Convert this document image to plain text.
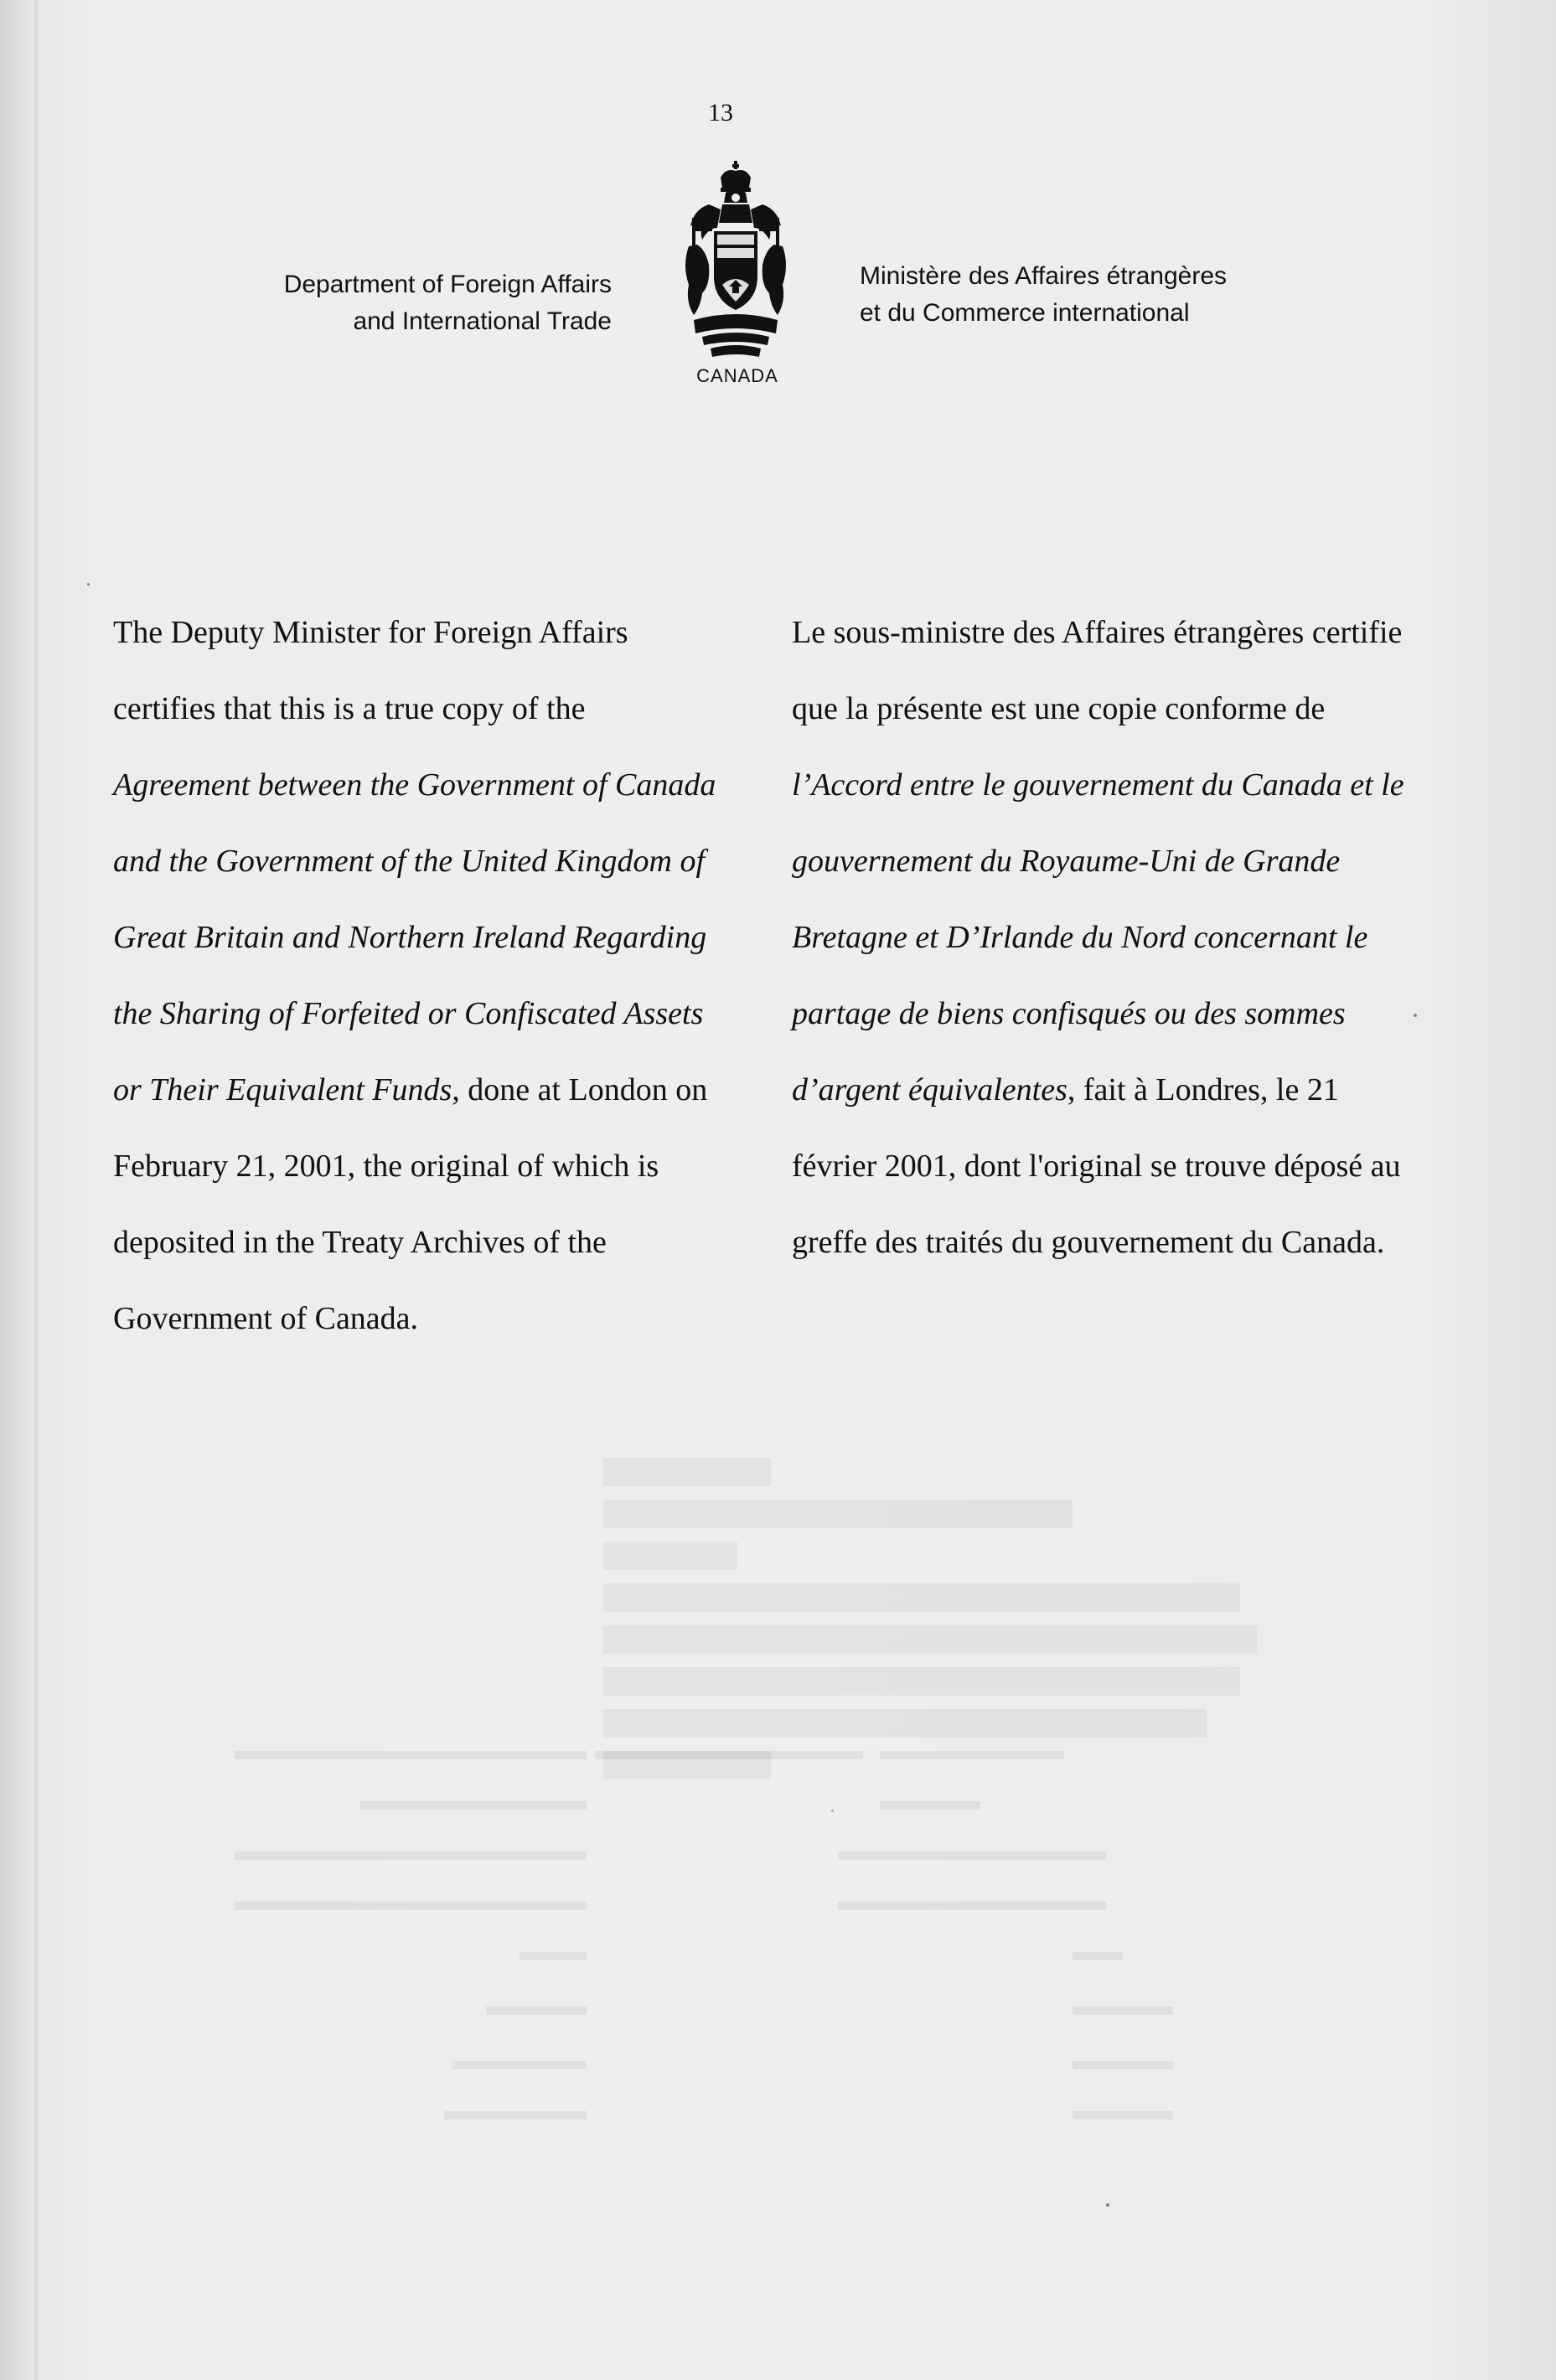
13
Department of Foreign Affairs
and International Trade
CANADA
Ministère des Affaires étrangères
et du Commerce international

The Deputy Minister for Foreign Affairs certifies that this is a true copy of the Agreement between the Government of Canada and the Government of the United Kingdom of Great Britain and Northern Ireland Regarding the Sharing of Forfeited or Confiscated Assets or Their Equivalent Funds, done at London on February 21, 2001, the original of which is deposited in the Treaty Archives of the Government of Canada.

Le sous-ministre des Affaires étrangères certifie que la présente est une copie conforme de l’Accord entre le gouvernement du Canada et le gouvernement du Royaume-Uni de Grande Bretagne et D’Irlande du Nord concernant le partage de biens confisqués ou des sommes d’argent équivalentes, fait à Londres, le 21 février 2001, dont l'original se trouve déposé au greffe des traités du gouvernement du Canada.
